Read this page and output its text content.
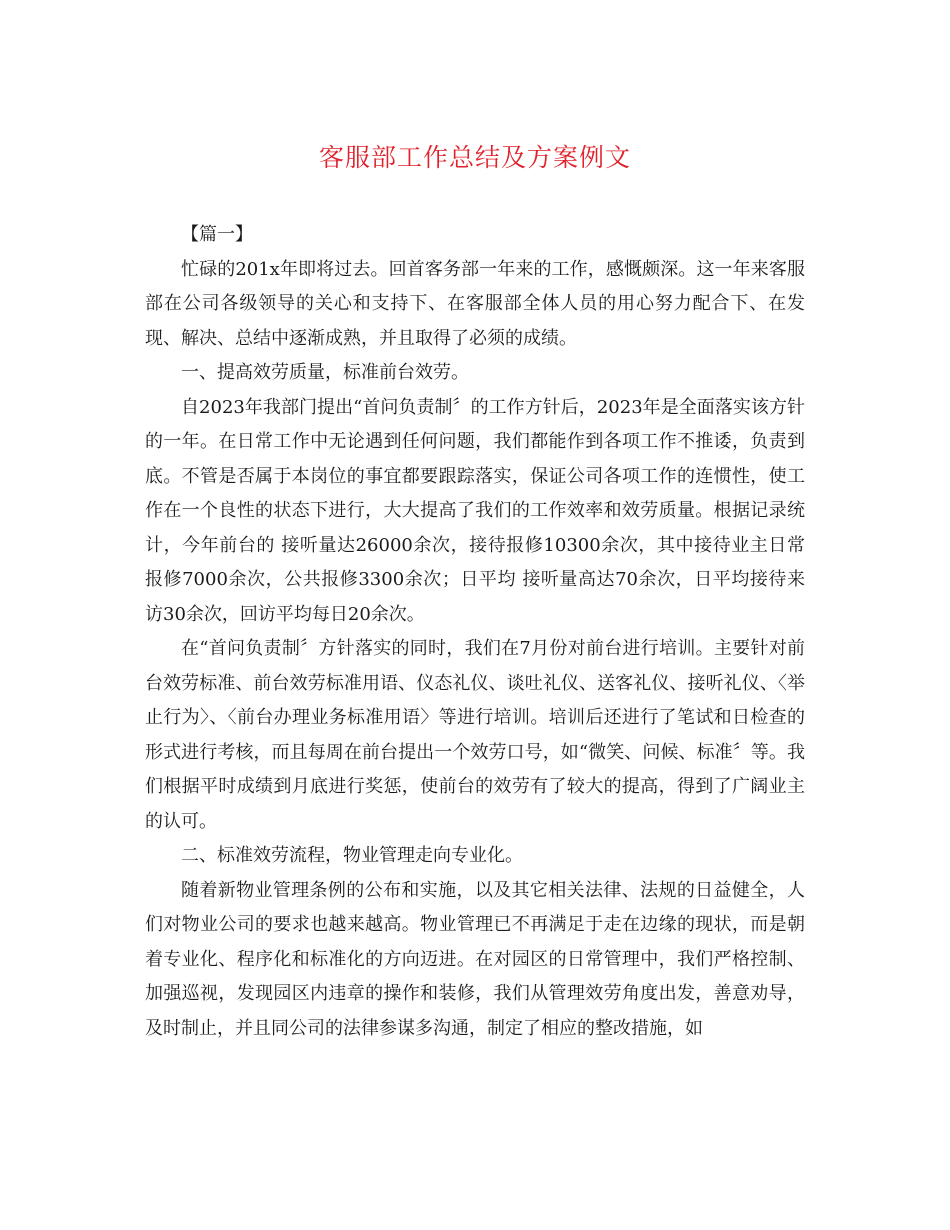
客服部工作总结及方案例文

【篇一】

忙碌的201x年即将过去。回首客务部一年来的工作，感慨颇深。这一年来客服部在公司各级领导的关心和支持下、在客服部全体人员的用心努力配合下、在发现、解决、总结中逐渐成熟，并且取得了必须的成绩。

一、提高效劳质量，标准前台效劳。

自2023年我部门提出“首问负责制〞的工作方针后，2023年是全面落实该方针的一年。在日常工作中无论遇到任何问题，我们都能作到各项工作不推诿，负责到底。不管是否属于本岗位的事宜都要跟踪落实，保证公司各项工作的连惯性，使工作在一个良性的状态下进行，大大提高了我们的工作效率和效劳质量。根据记录统计，今年前台的 接听量达26000余次，接待报修10300余次，其中接待业主日常报修7000余次，公共报修3300余次；日平均 接听量高达70余次，日平均接待来访30余次，回访平均每日20余次。

在“首问负责制〞方针落实的同时，我们在7月份对前台进行培训。主要针对前台效劳标准、前台效劳标准用语、仪态礼仪、谈吐礼仪、送客礼仪、接听礼仪、〈举止行为〉、〈前台办理业务标准用语〉等进行培训。培训后还进行了笔试和日检查的形式进行考核，而且每周在前台提出一个效劳口号，如“微笑、问候、标准〞等。我们根据平时成绩到月底进行奖惩，使前台的效劳有了较大的提高，得到了广阔业主的认可。

二、标准效劳流程，物业管理走向专业化。

随着新物业管理条例的公布和实施，以及其它相关法律、法规的日益健全，人们对物业公司的要求也越来越高。物业管理已不再满足于走在边缘的现状，而是朝着专业化、程序化和标准化的方向迈进。在对园区的日常管理中，我们严格控制、加强巡视，发现园区内违章的操作和装修，我们从管理效劳角度出发，善意劝导，及时制止，并且同公司的法律参谋多沟通，制定了相应的整改措施，如
